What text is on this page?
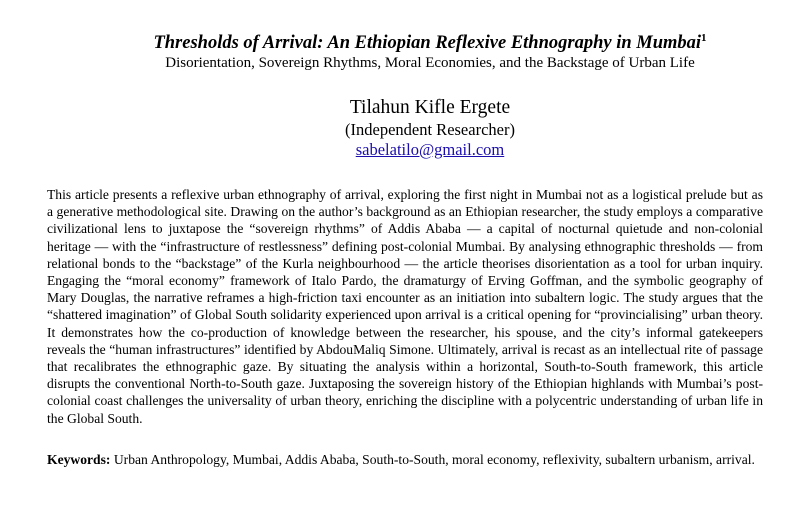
Thresholds of Arrival: An Ethiopian Reflexive Ethnography in Mumbai$^1$

Disorientation, Sovereign Rhythms, Moral Economies, and the Backstage of Urban Life

Tilahun Kifle Ergete
(Independent Researcher)
sabelatilo@gmail.com

This article presents a reflexive urban ethnography of arrival, exploring the first night in Mumbai not as a logistical prelude but as a generative methodological site. Drawing on the author’s background as an Ethiopian researcher, the study employs a comparative civilizational lens to juxtapose the “sovereign rhythms” of Addis Ababa — a capital of nocturnal quietude and non-colonial heritage — with the “infrastructure of restlessness” defining post-colonial Mumbai. By analysing ethnographic thresholds — from relational bonds to the “backstage” of the Kurla neighbourhood — the article theorises disorientation as a tool for urban inquiry. Engaging the “moral economy” framework of Italo Pardo, the dramaturgy of Erving Goffman, and the symbolic geography of Mary Douglas, the narrative reframes a high-friction taxi encounter as an initiation into subaltern logic. The study argues that the “shattered imagination” of Global South solidarity experienced upon arrival is a critical opening for “provincialising” urban theory. It demonstrates how the co-production of knowledge between the researcher, his spouse, and the city’s informal gatekeepers reveals the “human infrastructures” identified by AbdouMaliq Simone. Ultimately, arrival is recast as an intellectual rite of passage that recalibrates the ethnographic gaze. By situating the analysis within a horizontal, South-to-South framework, this article disrupts the conventional North-to-South gaze. Juxtaposing the sovereign history of the Ethiopian highlands with Mumbai’s post-colonial coast challenges the universality of urban theory, enriching the discipline with a polycentric understanding of urban life in the Global South.

Keywords: Urban Anthropology, Mumbai, Addis Ababa, South-to-South, moral economy, reflexivity, subaltern urbanism, arrival.
